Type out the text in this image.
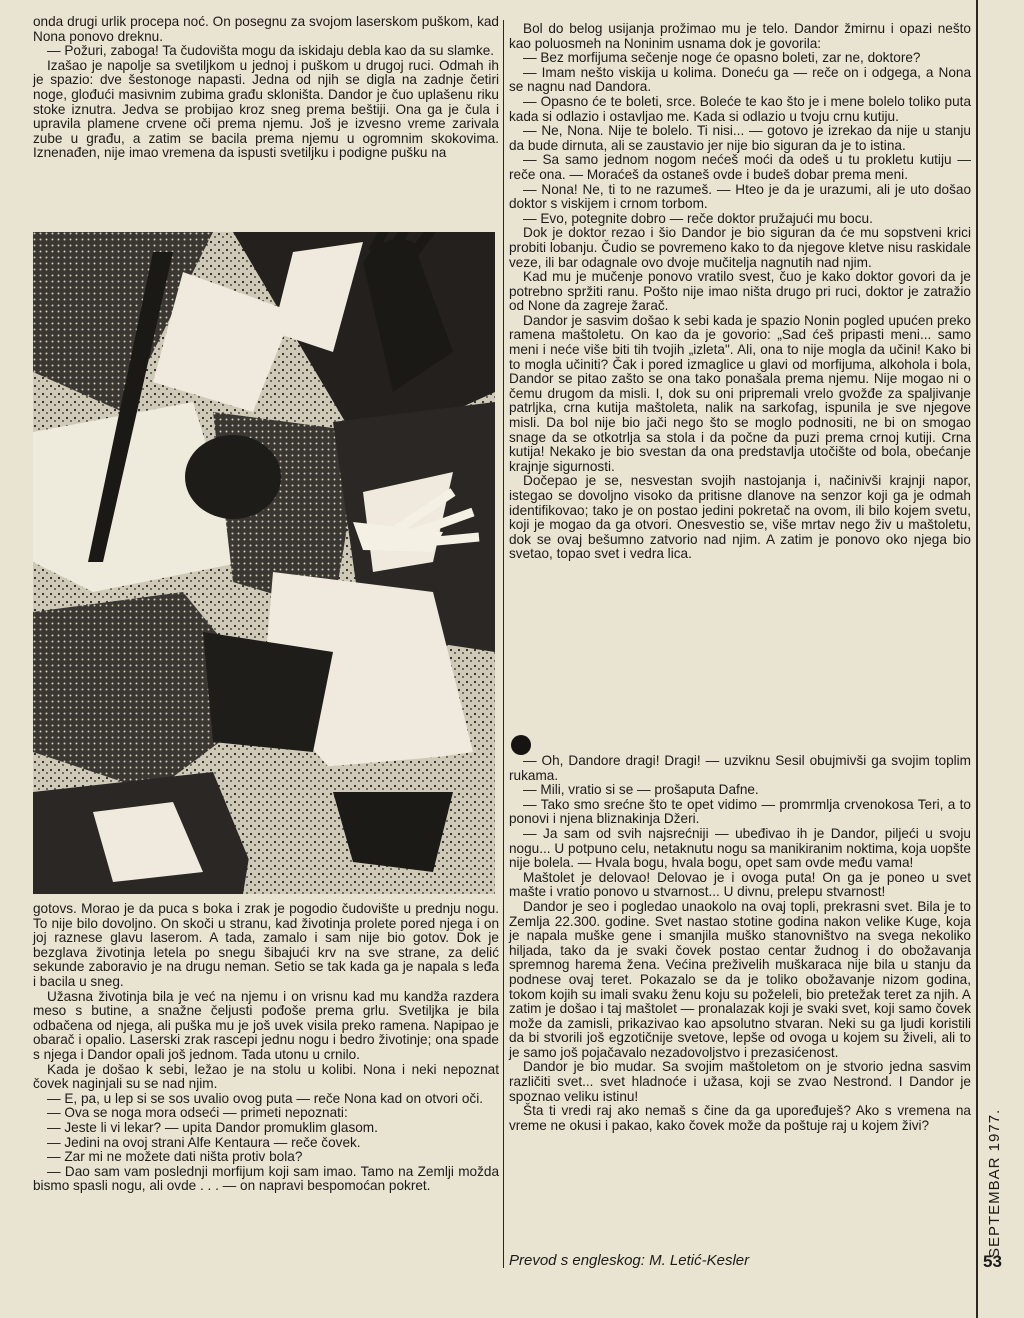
onda drugi urlik procepa noć. On posegnu za svojom laserskom puškom, kad Nona ponovo dreknu.

— Požuri, zaboga! Ta čudovišta mogu da iskidaju debla kao da su slamke.

Izašao je napolje sa svetiljkom u jednoj i puškom u drugoj ruci. Odmah ih je spazio: dve šestonoge napasti. Jedna od njih se digla na zadnje četiri noge, glođući masivnim zubima građu skloništa. Dandor je čuo uplašenu riku stoke iznutra. Jedva se probijao kroz sneg prema beštiji. Ona ga je čula i upravila plamene crvene oči prema njemu. Još je izvesno vreme zarivala zube u građu, a zatim se bacila prema njemu u ogromnim skokovima. Iznenađen, nije imao vremena da ispusti svetiljku i podigne pušku na

gotovs. Morao je da puca s boka i zrak je pogodio čudovište u prednju nogu. To nije bilo dovoljno. On skoči u stranu, kad životinja prolete pored njega i on joj raznese glavu laserom. A tada, zamalo i sam nije bio gotov. Dok je bezglava životinja letela po snegu šibajući krv na sve strane, za delić sekunde zaboravio je na drugu neman. Setio se tak kada ga je napala s leđa i bacila u sneg.

Užasna životinja bila je već na njemu i on vrisnu kad mu kandža razdera meso s butine, a snažne čeljusti pođoše prema grlu. Svetiljka je bila odbačena od njega, ali puška mu je još uvek visila preko ramena. Napipao je obarač i opalio. Laserski zrak rascepi jednu nogu i bedro životinje; ona spade s njega i Dandor opali još jednom. Tada utonu u crnilo.

Kada je došao k sebi, ležao je na stolu u kolibi. Nona i neki nepoznat čovek naginjali su se nad njim.

— E, pa, u lep si se sos uvalio ovog puta — reče Nona kad on otvori oči.

— Ova se noga mora odseći — primeti nepoznati:

— Jeste li vi lekar? — upita Dandor promuklim glasom.

— Jedini na ovoj strani Alfe Kentaura — reče čovek.

— Zar mi ne možete dati ništa protiv bola?

— Dao sam vam poslednji morfijum koji sam imao. Tamo na Zemlji možda bismo spasli nogu, ali ovde . . . — on napravi bespomoćan pokret.

Bol do belog usijanja prožimao mu je telo. Dandor žmirnu i opazi nešto kao poluosmeh na Noninim usnama dok je govorila:

— Bez morfijuma sečenje noge će opasno boleti, zar ne, doktore?

— Imam nešto viskija u kolima. Doneću ga — reče on i odgega, a Nona se nagnu nad Dandora.

— Opasno će te boleti, srce. Boleće te kao što je i mene bolelo toliko puta kada si odlazio i ostavljao me. Kada si odlazio u tvoju crnu kutiju.

— Ne, Nona. Nije te bolelo. Ti nisi... — gotovo je izrekao da nije u stanju da bude dirnuta, ali se zaustavio jer nije bio siguran da je to istina.

— Sa samo jednom nogom nećeš moći da odeš u tu prokletu kutiju — reče ona. — Moraćeš da ostaneš ovde i budeš dobar prema meni.

— Nona! Ne, ti to ne razumeš. — Hteo je da je urazumi, ali je uto došao doktor s viskijem i crnom torbom.

— Evo, potegnite dobro — reče doktor pružajući mu bocu.

Dok je doktor rezao i šio Dandor je bio siguran da će mu sopstveni krici probiti lobanju. Čudio se povremeno kako to da njegove kletve nisu raskidale veze, ili bar odagnale ovo dvoje mučitelja nagnutih nad njim.

Kad mu je mučenje ponovo vratilo svest, čuo je kako doktor govori da je potrebno spržiti ranu. Pošto nije imao ništa drugo pri ruci, doktor je zatražio od None da zagreje žarač.

Dandor je sasvim došao k sebi kada je spazio Nonin pogled upućen preko ramena maštoletu. On kao da je govorio: „Sad ćeš pripasti meni... samo meni i neće više biti tih tvojih „izleta". Ali, ona to nije mogla da učini! Kako bi to mogla učiniti? Čak i pored izmaglice u glavi od morfijuma, alkohola i bola, Dandor se pitao zašto se ona tako ponašala prema njemu. Nije mogao ni o čemu drugom da misli. I, dok su oni pripremali vrelo gvožđe za spaljivanje patrljka, crna kutija maštoleta, nalik na sarkofag, ispunila je sve njegove misli. Da bol nije bio jači nego što se moglo podnositi, ne bi on smogao snage da se otkotrlja sa stola i da počne da puzi prema crnoj kutiji. Crna kutija! Nekako je bio svestan da ona predstavlja utočište od bola, obećanje krajnje sigurnosti.

Dočepao je se, nesvestan svojih nastojanja i, načinivši krajnji napor, istegao se dovoljno visoko da pritisne dlanove na senzor koji ga je odmah identifikovao; tako je on postao jedini pokretač na ovom, ili bilo kojem svetu, koji je mogao da ga otvori. Onesvestio se, više mrtav nego živ u maštoletu, dok se ovaj bešumno zatvorio nad njim. A zatim je ponovo oko njega bio svetao, topao svet i vedra lica.

— Oh, Dandore dragi! Dragi! — uzviknu Sesil obujmivši ga svojim toplim rukama.

— Mili, vratio si se — prošaputa Dafne.

— Tako smo srećne što te opet vidimo — promrmlja crvenokosa Teri, a to ponovi i njena bliznakinja Džeri.

— Ja sam od svih najsrećniji — ubeđivao ih je Dandor, piljeći u svoju nogu... U potpuno celu, netaknutu nogu sa manikiranim noktima, koja uopšte nije bolela. — Hvala bogu, hvala bogu, opet sam ovde među vama!

Maštolet je delovao! Delovao je i ovoga puta! On ga je poneo u svet mašte i vratio ponovo u stvarnost... U divnu, prelepu stvarnost!

Dandor je seo i pogledao unaokolo na ovaj topli, prekrasni svet. Bila je to Zemlja 22.300. godine. Svet nastao stotine godina nakon velike Kuge, koja je napala muške gene i smanjila muško stanovništvo na svega nekoliko hiljada, tako da je svaki čovek postao centar žudnog i do obožavanja spremnog harema žena. Većina preživelih muškaraca nije bila u stanju da podnese ovaj teret. Pokazalo se da je toliko obožavanje nizom godina, tokom kojih su imali svaku ženu koju su poželeli, bio pretežak teret za njih. A zatim je došao i taj maštolet — pronalazak koji je svaki svet, koji samo čovek može da zamisli, prikazivao kao apsolutno stvaran. Neki su ga ljudi koristili da bi stvorili još egzotičnije svetove, lepše od ovoga u kojem su živeli, ali to je samo još pojačavalo nezadovoljstvo i prezasićenost.

Dandor je bio mudar. Sa svojim maštoletom on je stvorio jedna sasvim različiti svet... svet hladnoće i užasa, koji se zvao Nestrond. I Dandor je spoznao veliku istinu!

Šta ti vredi raj ako nemaš s čine da ga upoređuješ? Ako s vremena na vreme ne okusi i pakao, kako čovek može da poštuje raj u kojem živi?

Prevod s engleskog: M. Letić-Kesler
SEPTEMBAR 1977.
53
